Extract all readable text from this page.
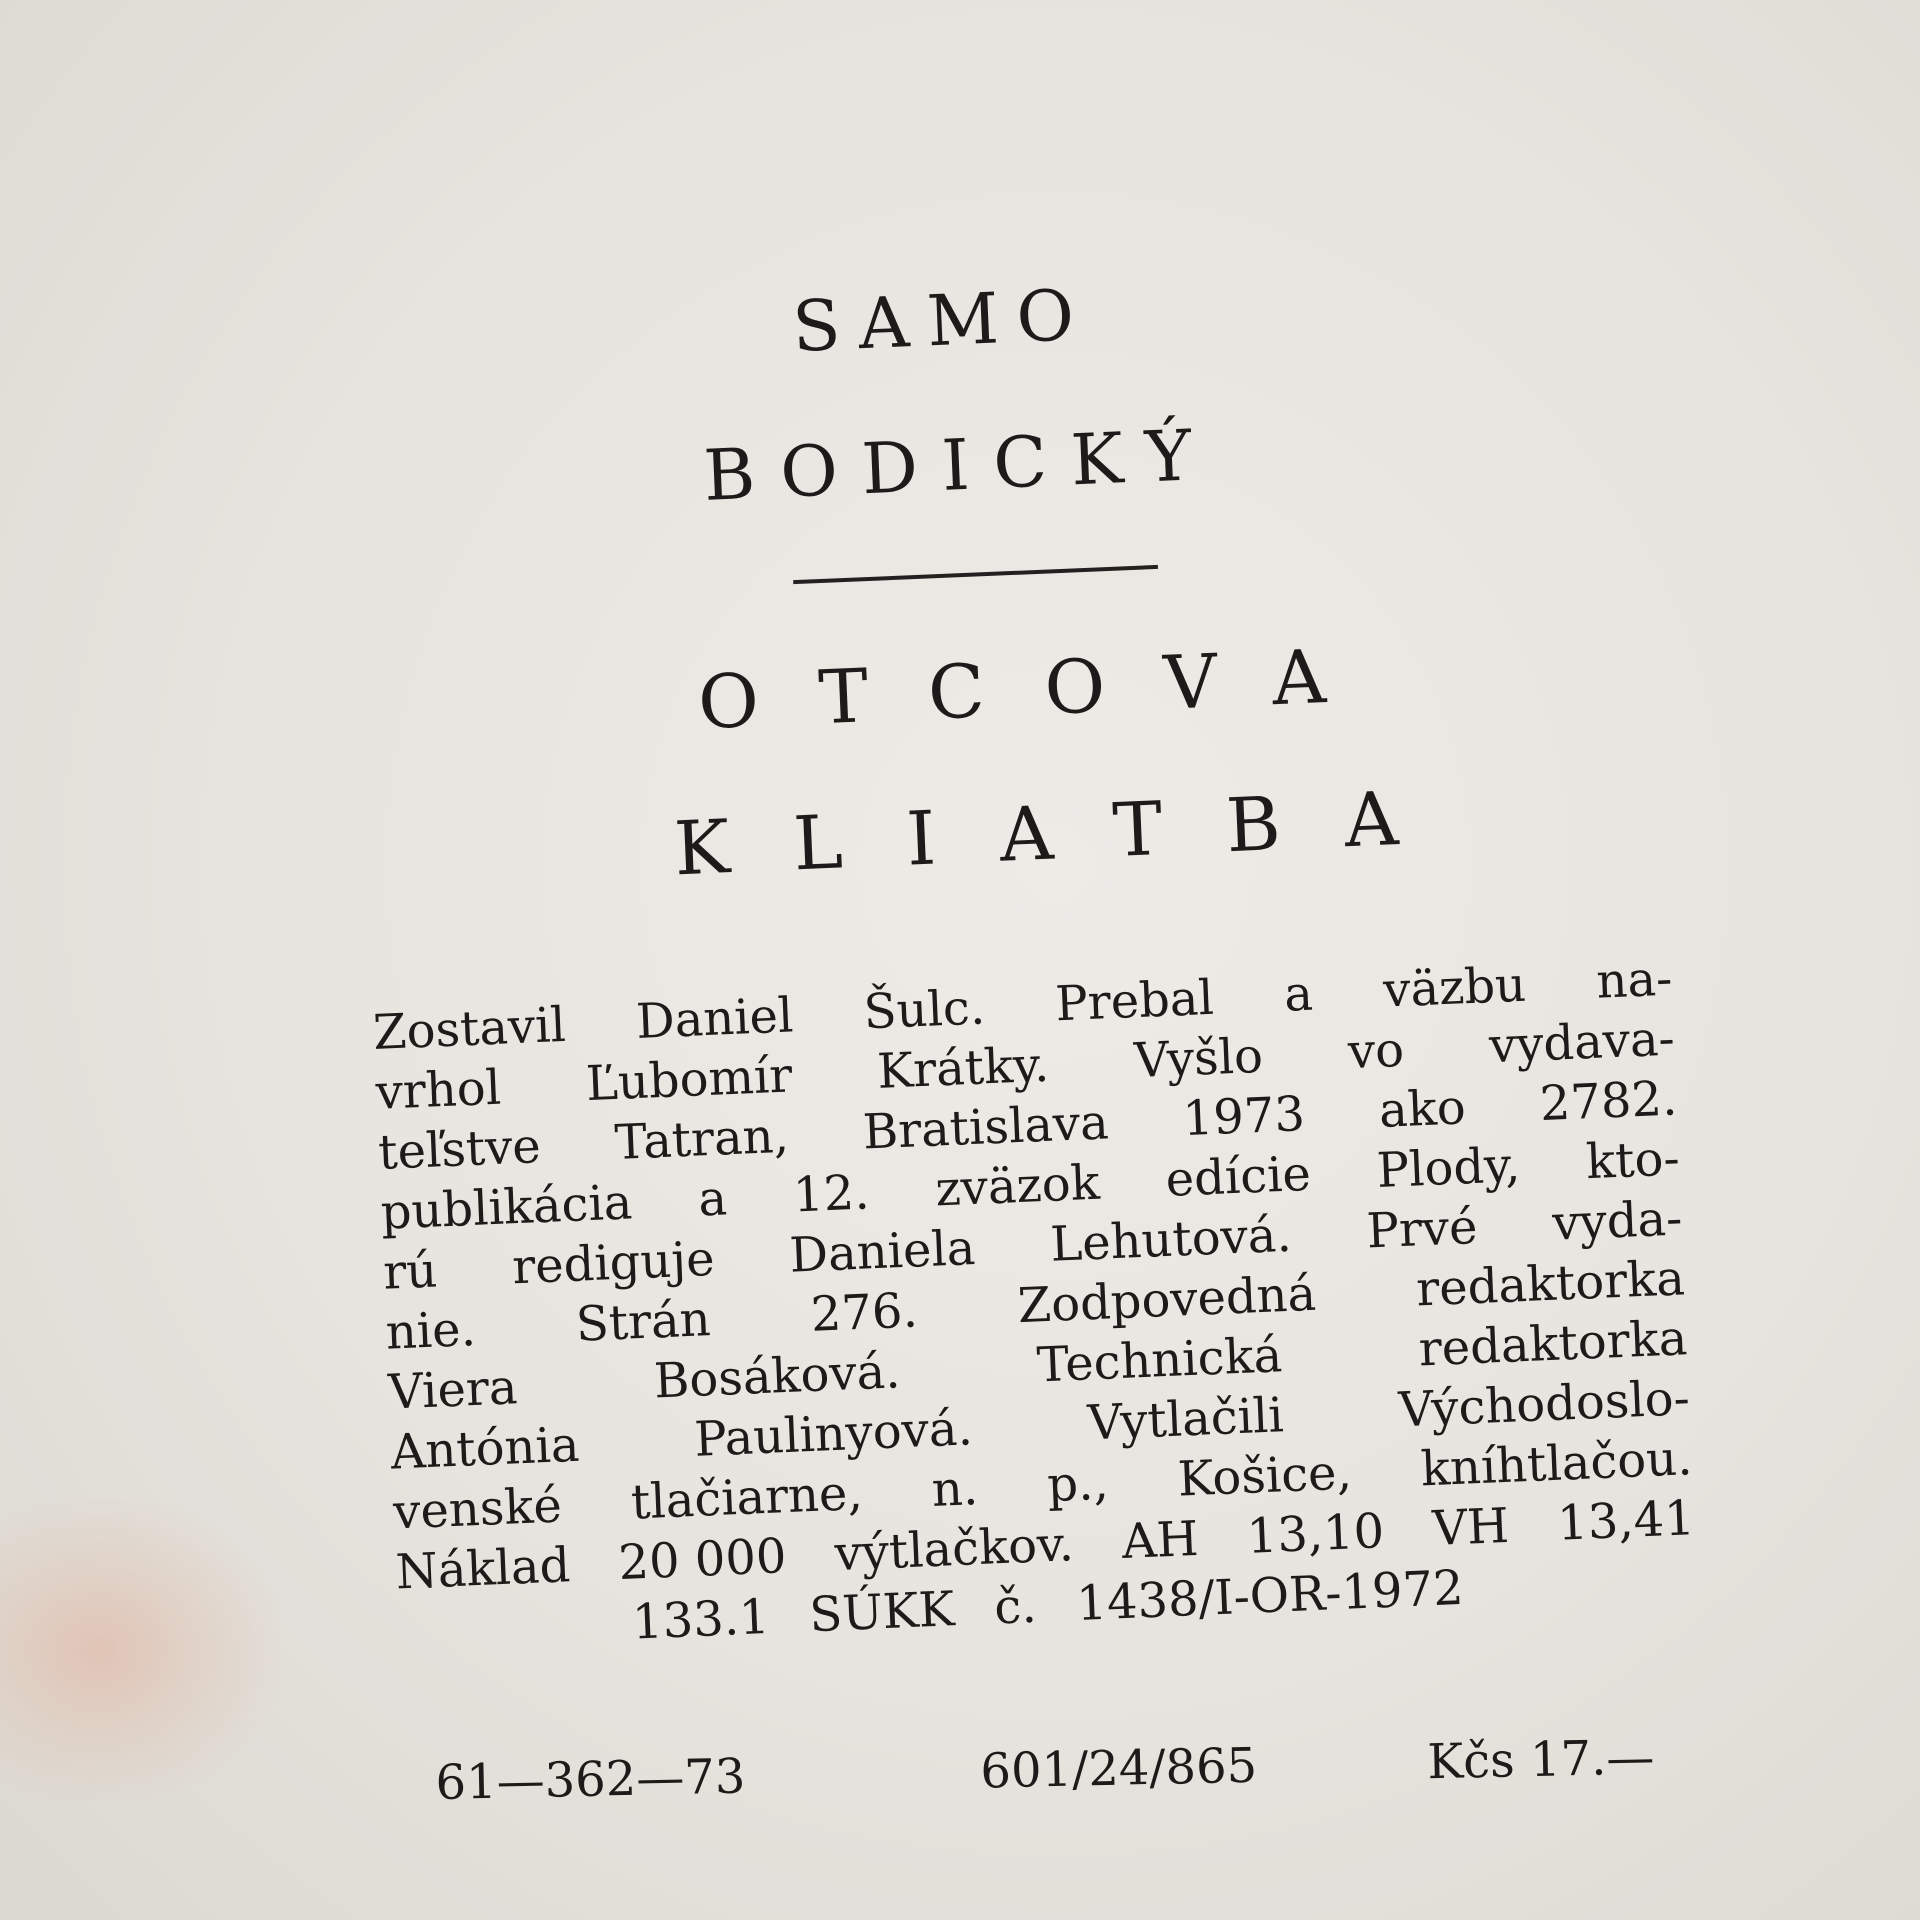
SAMO
BODICKÝ
OTCOVA
KLIATBA
Zostavil Daniel Šulc. Prebal a väzbu na-
vrhol Ľubomír Krátky. Vyšlo vo vydava-
teľstve Tatran, Bratislava 1973 ako 2782.
publikácia a 12. zväzok edície Plody, kto-
rú rediguje Daniela Lehutová. Prvé vyda-
nie. Strán 276. Zodpovedná redaktorka
Viera	Bosáková.	Technická	redaktorka
Antónia Paulinyová. Vytlačili Východoslo-
venské tlačiarne, n. p., Košice, kníhtlačou.
Náklad 20 000 výtlačkov. AH 13,10 VH 13,41
133.1 SÚKK č. 1438/I-OR-1972
61—362—73	601/24/865	Kčs 17.—
